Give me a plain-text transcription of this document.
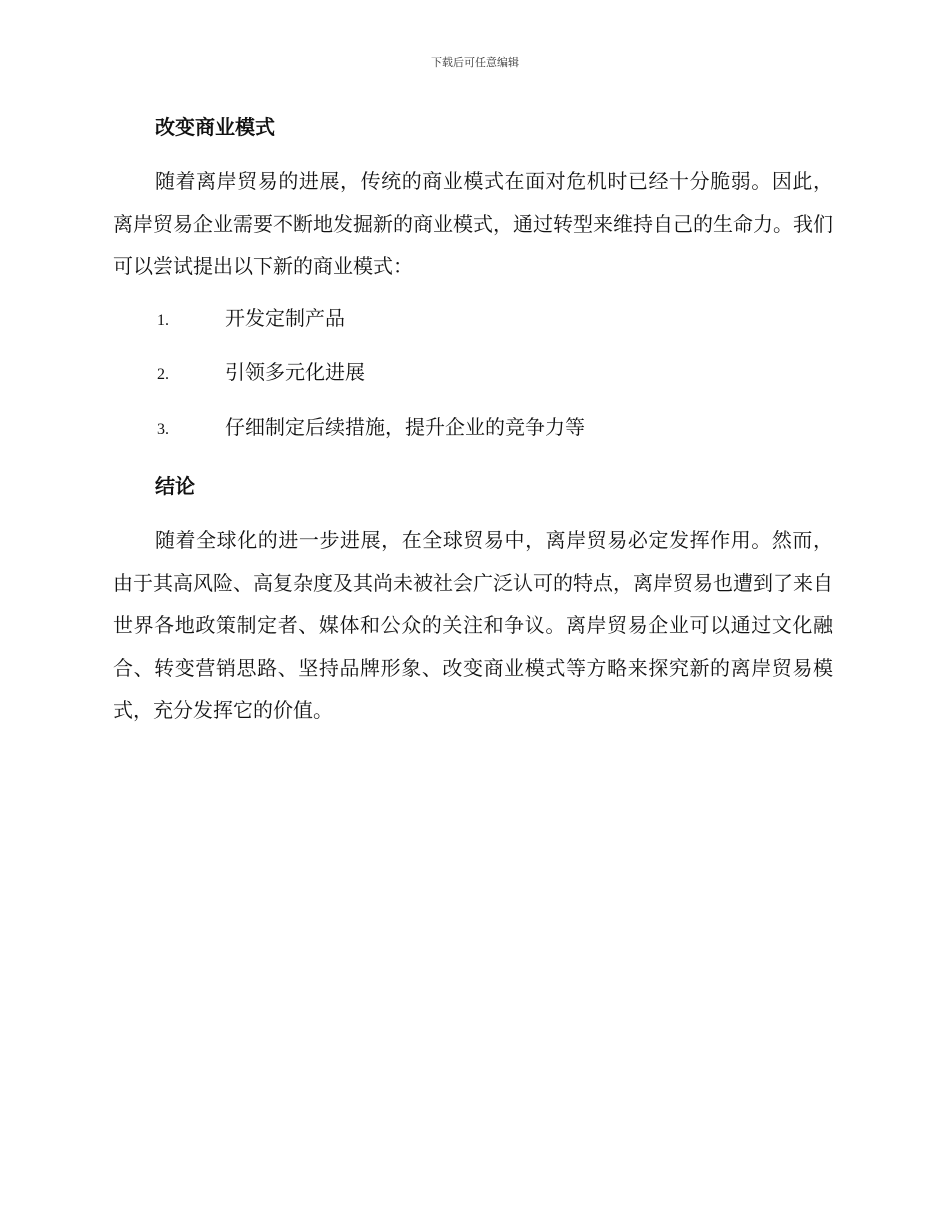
下载后可任意编辑
改变商业模式

随着离岸贸易的进展，传统的商业模式在面对危机时已经十分脆弱。因此，离岸贸易企业需要不断地发掘新的商业模式，通过转型来维持自己的生命力。我们可以尝试提出以下新的商业模式：

1.	开发定制产品
2.	引领多元化进展
3.	仔细制定后续措施，提升企业的竞争力等
结论

随着全球化的进一步进展，在全球贸易中，离岸贸易必定发挥作用。然而，由于其高风险、高复杂度及其尚未被社会广泛认可的特点，离岸贸易也遭到了来自世界各地政策制定者、媒体和公众的关注和争议。离岸贸易企业可以通过文化融合、转变营销思路、坚持品牌形象、改变商业模式等方略来探究新的离岸贸易模式，充分发挥它的价值。
